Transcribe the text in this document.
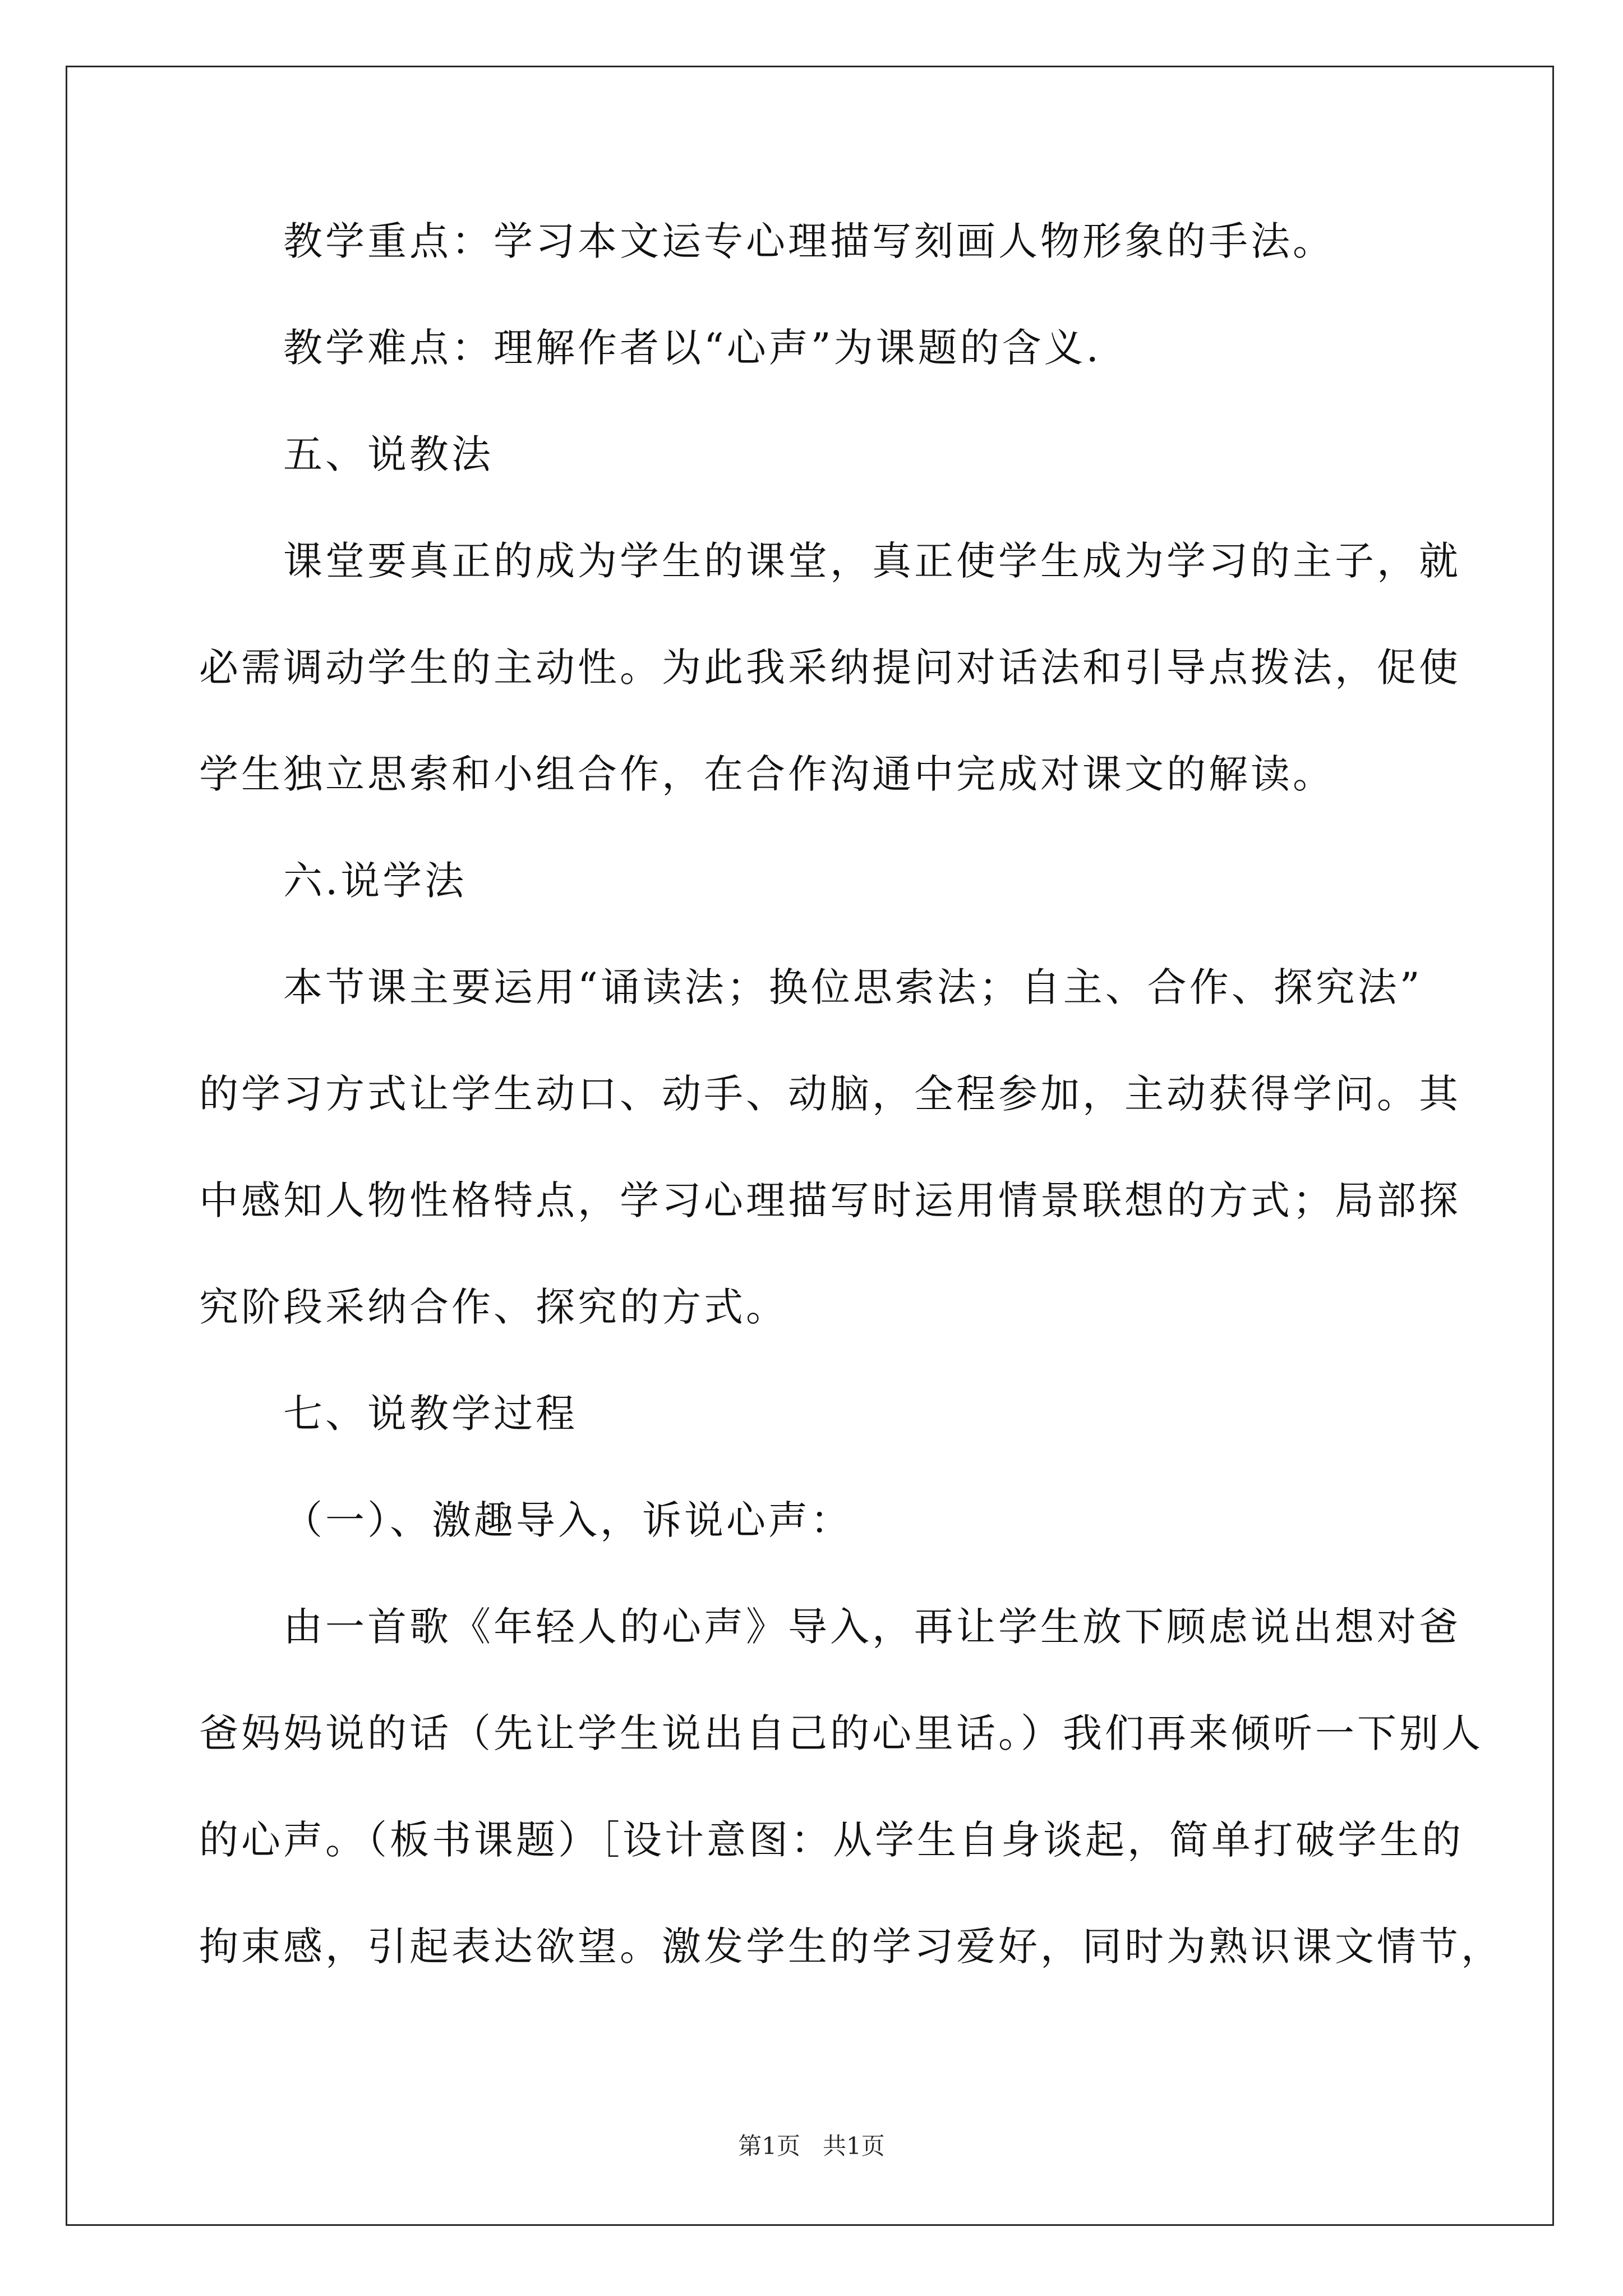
教学重点：学习本文运专心理描写刻画人物形象的手法。
教学难点：理解作者以“心声”为课题的含义.
五、说教法
课堂要真正的成为学生的课堂，真正使学生成为学习的主子，就
必需调动学生的主动性。为此我采纳提问对话法和引导点拨法，促使
学生独立思索和小组合作，在合作沟通中完成对课文的解读。
六.说学法
本节课主要运用“诵读法；换位思索法；自主、合作、探究法”
的学习方式让学生动口、动手、动脑，全程参加，主动获得学问。其
中感知人物性格特点，学习心理描写时运用情景联想的方式；局部探
究阶段采纳合作、探究的方式。
七、说教学过程
（一）、激趣导入，诉说心声：
由一首歌《年轻人的心声》导入，再让学生放下顾虑说出想对爸
爸妈妈说的话（先让学生说出自己的心里话。）我们再来倾听一下别人
的心声。（板书课题）［设计意图：从学生自身谈起，简单打破学生的
拘束感，引起表达欲望。激发学生的学习爱好，同时为熟识课文情节，
第1页   共1页
